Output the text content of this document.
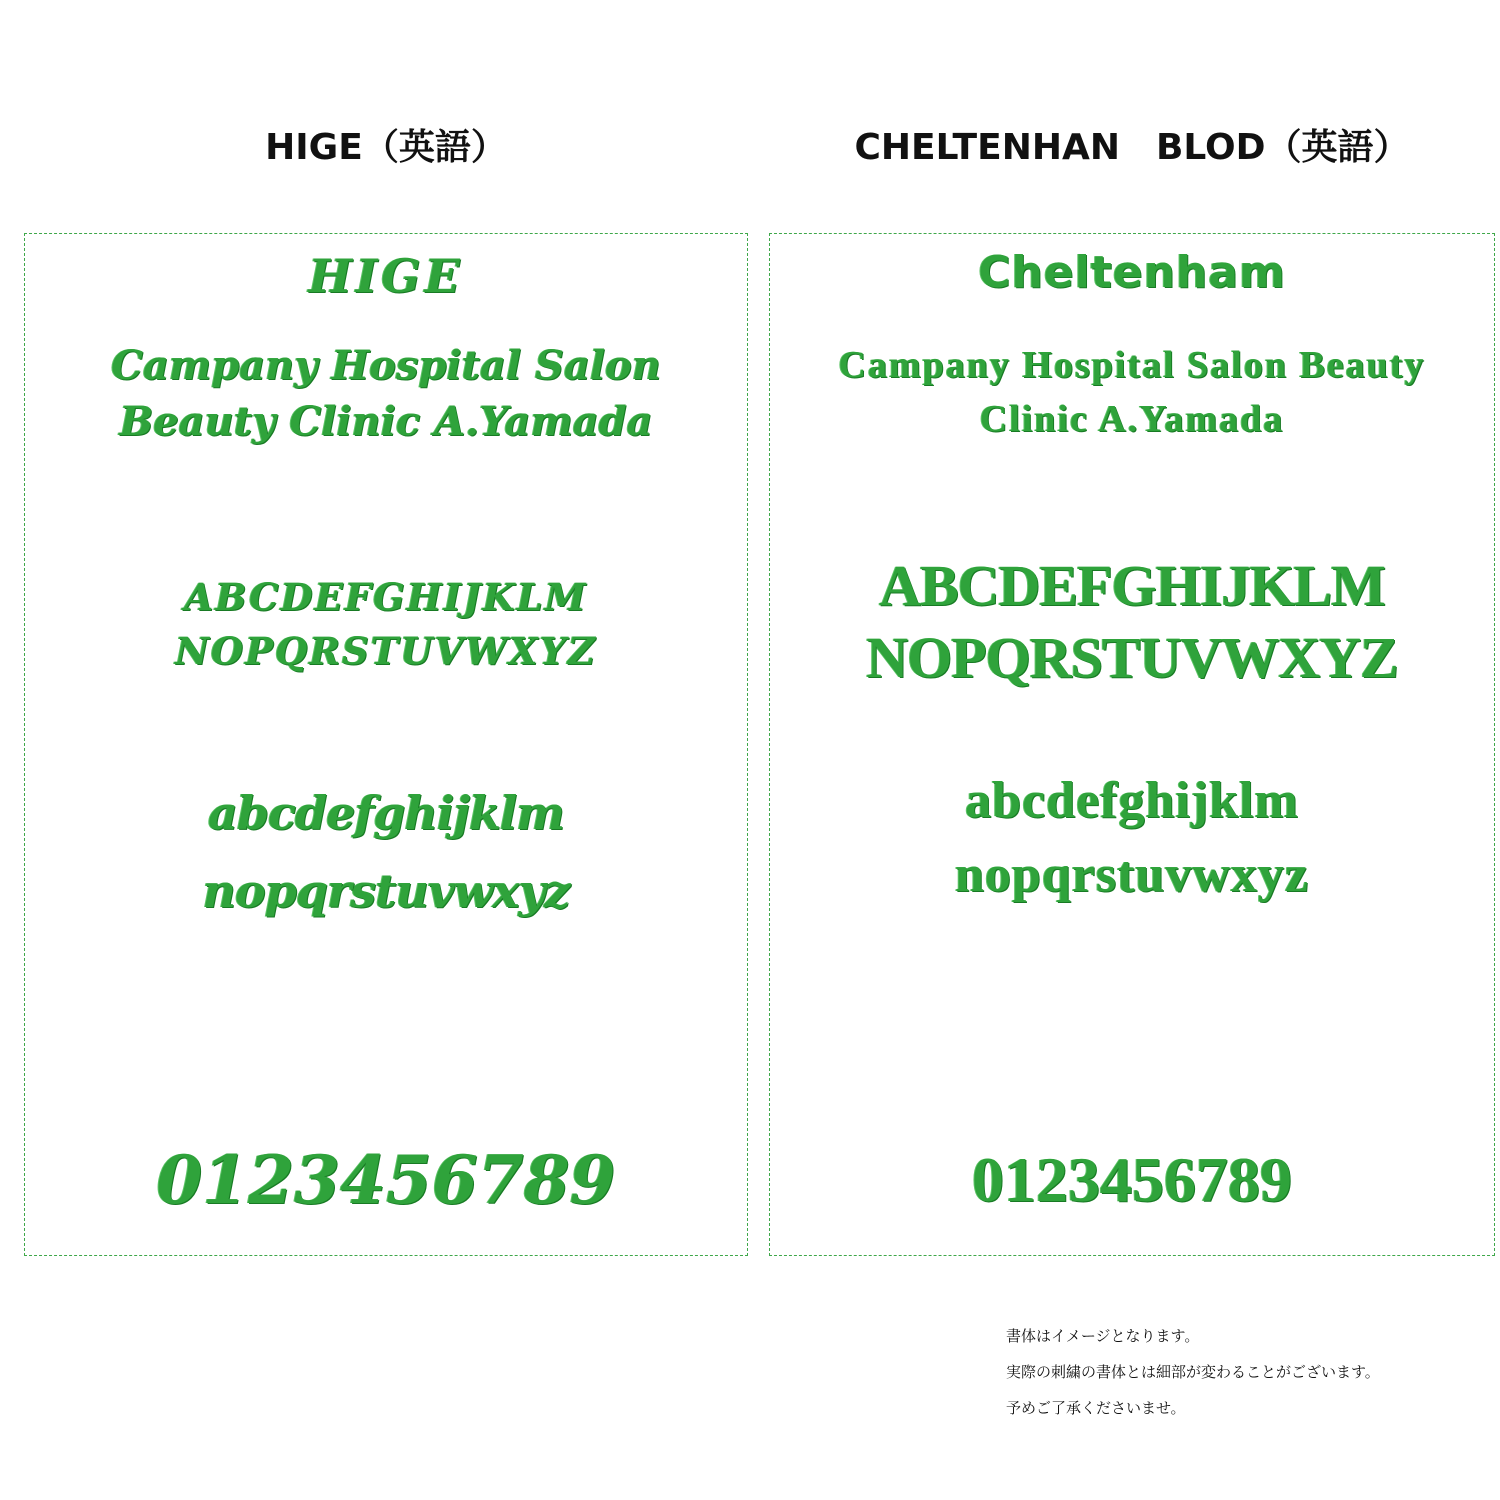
HIGE（英語）	CHELTENHAN　BLOD（英語）

HIGE

Campany Hospital Salon
Beauty Clinic A.Yamada

ABCDEFGHIJKLM
NOPQRSTUVWXYZ

abcdefghijklm
nopqrstuvwxyz

0123456789

Cheltenham

Campany Hospital Salon Beauty
Clinic A.Yamada

ABCDEFGHIJKLM
NOPQRSTUVWXYZ

abcdefghijklm
nopqrstuvwxyz

0123456789

書体はイメージとなります。
実際の刺繍の書体とは細部が変わることがございます。
予めご了承くださいませ。
